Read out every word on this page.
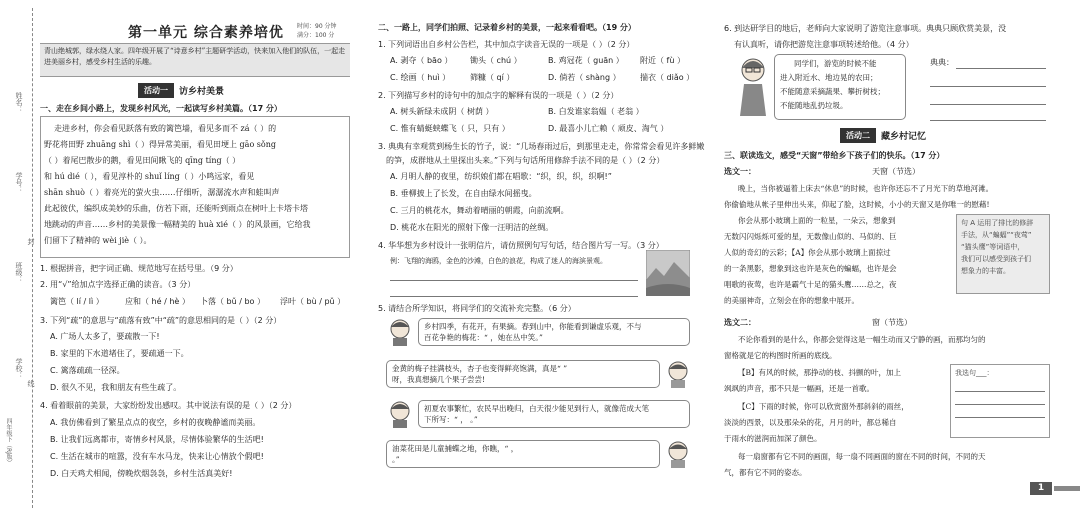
姓名：
学号：
班级：
学校：
封
线
四年级下（RJ版）
第一单元 综合素养培优 时间：90 分钟
满分：100 分
青山绝城郭，绿水绕人家。四年级开展了“诗意乡村”主题研学活动，快来加入他们的队伍，一起走进美丽乡村，感受乡村生活的乐趣。
活动一	访乡村美景
一、走在乡间小路上，发现乡村风光，一起读写乡村美篇。（17 分）
走进乡村，你会看见跃落有致的篱笆墙，看见多而不 zá（ ）的
野花将田野 zhuāng shì（ ）得异常美丽，看见田埂上 gāo sǒng
（ ）着尾巴散步的鹅，看见田间瞅飞的 qīng tíng（ ）
和 hú dié（ ），看见淳朴的 shuǐ líng（ ）小鸣远家，看见
shān shuò（ ）着亮光的萤火虫……仔细听，潺潺流水声和蛙叫声
此起彼伏，编织成美妙的乐曲，仿若下雨，还能听到雨点在树叶上卡塔卡塔
地跳动的声音……乡村的美景像一幅精美的 huà xié（ ）的风景画，它给我
们留下了精神的 wèi jiè（ ）。
1. 根据拼音，把字词正确、规范地写在括号里。（9 分）
2. 用“√”给加点字选择正确的读音。（3 分）
篱笆（ lí / lì ）	应和（ hé / hè ） 卜落（ bǔ / bo ） 浮叶（ bù / pǔ ）
3. 下列“疏”的意思与“疏落有致”中“疏”的意思相同的是（ ）（2 分）
A. 广场人太多了，要疏散一下!
B. 家里的下水道堵住了，要疏通一下。
C. 篱落疏疏一径深。
D. 很久不见，我和朋友有些生疏了。
4. 看着眼前的美景，大家纷纷发出感叹。其中说法有误的是（ ）（2 分）
A. 我仿佛看到了繁星点点的夜空，乡村的夜晚静谧而美丽。
B. 让我们远离都市，寄情乡村风景，尽情体验繁华的生活吧!
C. 生活在城市的喧嚣，没有车水马龙，快来让心情放个假吧!
D. 白天鸡犬相闻，傍晚炊烟袅袅，乡村生活真美好!
二、一路上，同学们拍照、记录着乡村的美景，一起来看看吧。（19 分）
1. 下列词语出自乡村公告栏，其中加点字读音无误的一项是（ ）（2 分）
A. 剥夺（ bāo ） 锄头（ chú ）	B. 鸡冠花（ guān ） 附近（ fù ）
C. 绘画（ huì ） 筛糠（ qí ）	D. 倘若（ shàng ） 揣衣（ diǎo ）
2. 下列描写乡村的诗句中的加点字的解释有误的一项是（ ）（2 分）
A. 树头新绿未成阴（ 树荫 ）	B. 白发谁家翁媪（ 老翁 ）
C. 惟有蜻蜓蛱蝶飞（ 只，只有 ）	D. 最喜小儿亡赖（ 顽皮、淘气 ）
3. 典典有幸观赏到杨生长的竹子，说：“几场春雨过后，到那里走走，你常常会看见许多鲜嫩
的笋，成群地从土里探出头来。”下列与句话所用修辞手法不同的是（ ）（2 分）
A. 月明人静的夜里，纺织娘们都在唱歌：“织，织，织，织啊!”
B. 垂柳披上了长发，在自由绿水间摇曳。
C. 三月的桃花水，舞动着晴丽的朝霞，向前流啊。
D. 桃花水在阳光的照射下像一汪明洁的丝绸。
4. 华华想为乡村设计一张明信片，请仿照例句写句话，结合图片写一写。（3 分）
例：飞翔的海鸥，金色的沙滩，白色的浪花，构成了迷人的海滨景观。
5. 请结合所学知识，将同学们的交流补充完整。（6 分）
乡村四季，有花开，有果摘。春到山中，你能看到谦虚乐观，不与
百花争艳的梅花：“ ，她在丛中笑。”
金黄的梅子挂满枝头，杏子也变得鲜亮饱满，真是“ ”
呀，我真想摘几个果子尝尝!
初夏农事繁忙，农民早出晚归，白天很少能见到行人，就像范成大笔
下所写：“ ， 。”
油菜花田是儿童捕蝶之地，你瞧，“ ，
。”
6. 到达研学目的地后，老师向大家说明了游览注意事项。典典只顾欣赏美景，没
有认真听，请你把游览注意事项转述给他。（4 分）
同学们，游览的时候不能
进入附近水、地边晃的农田；
不能随意采摘蔬果、攀折树枝；
不能随地乱扔垃圾。
典典：
活动二	藏乡村记忆
三、联读选文，感受“天窗”带给乡下孩子们的快乐。（17 分）
选文一：	天窗（节选）
晚上，当你被逼着上床去“休息”的时候，也许你还忘不了月光下的草地河滩。
你偷偷地从帐子里伸出头来，仰起了脸，这时候，小小的天窗又是你唯一的慰藉!
你会从那小玻璃上面的一粒星，一朵云，想象到
无数闪闪烁烁可爱的星，无数像山似的、马似的、巨
人似的奇幻的云彩；【A】你会从那小玻璃上面掠过
的一条黑影，想象到这也许是灰色的蝙蝠，也许是会
唱歌的夜莺，也许是霸气十足的猫头鹰……总之，夜
的美丽神奇，立刻会在你的想象中展开。
句 A 运用了排比的修辞
手法，从“蝙蝠”“夜莺”
“猫头鹰”等词语中，
我们可以感受到孩子们
想象力的丰富。
选文二：	窗（节选）
不论你看到的是什么，你都会觉得这是一幅生动而又宁静的画，而那均匀的
窗格就是它的构图时所画的底线。
【B】有风的时候，那挣动的枝、抖颤的叶，加上
飒飒的声音，那不只是一幅画，还是一首歌。
【C】下雨的时候，你可以欣赏窗外那斜斜的雨丝，
淡淡的西景，以及那朵朵的花，月月的叶，都总稀自
于雨水的滋润而加深了颜色。
每一扇窗都有它不同的画面，每一扇不同画面的窗在不同的时间，不同的天
气，都有它不同的姿态。
我选句___：
1
